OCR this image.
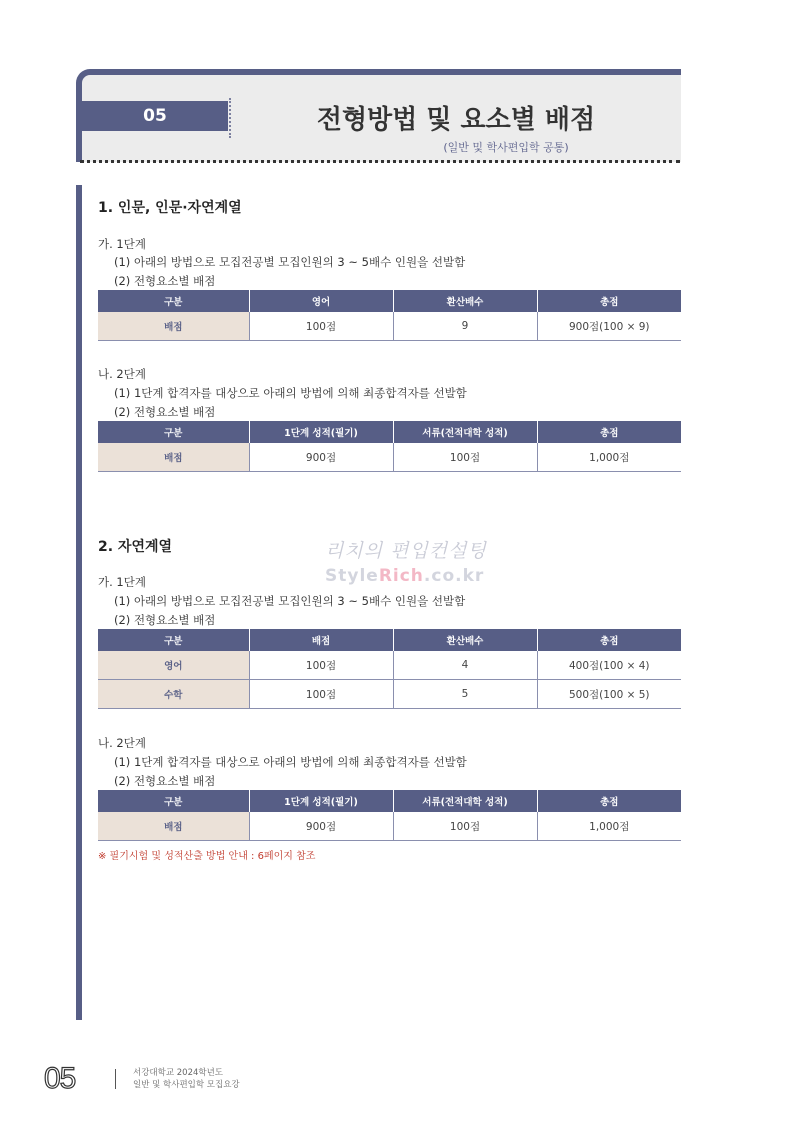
05	전형방법 및 요소별 배점
(일반 및 학사편입학 공통)
1. 인문, 인문·자연계열
가. 1단계
(1) 아래의 방법으로 모집전공별 모집인원의 3 ~ 5배수 인원을 선발함
(2) 전형요소별 배점
구분	영어	환산배수	총점
배점	100점	9	900점(100 × 9)
나. 2단계
(1) 1단계 합격자를 대상으로 아래의 방법에 의해 최종합격자를 선발함
(2) 전형요소별 배점
구분	1단계 성적(필기)	서류(전적대학 성적)	총점
배점	900점	100점	1,000점
리치의 편입컨설팅
StyleRich.co.kr
2. 자연계열
가. 1단계
(1) 아래의 방법으로 모집전공별 모집인원의 3 ~ 5배수 인원을 선발함
(2) 전형요소별 배점
구분	배점	환산배수	총점
영어	100점	4	400점(100 × 4)
수학	100점	5	500점(100 × 5)
나. 2단계
(1) 1단계 합격자를 대상으로 아래의 방법에 의해 최종합격자를 선발함
(2) 전형요소별 배점
구분	1단계 성적(필기)	서류(전적대학 성적)	총점
배점	900점	100점	1,000점
※ 필기시험 및 성적산출 방법 안내 : 6페이지 참조
05	서강대학교 2024학년도
일반 및 학사편입학 모집요강
